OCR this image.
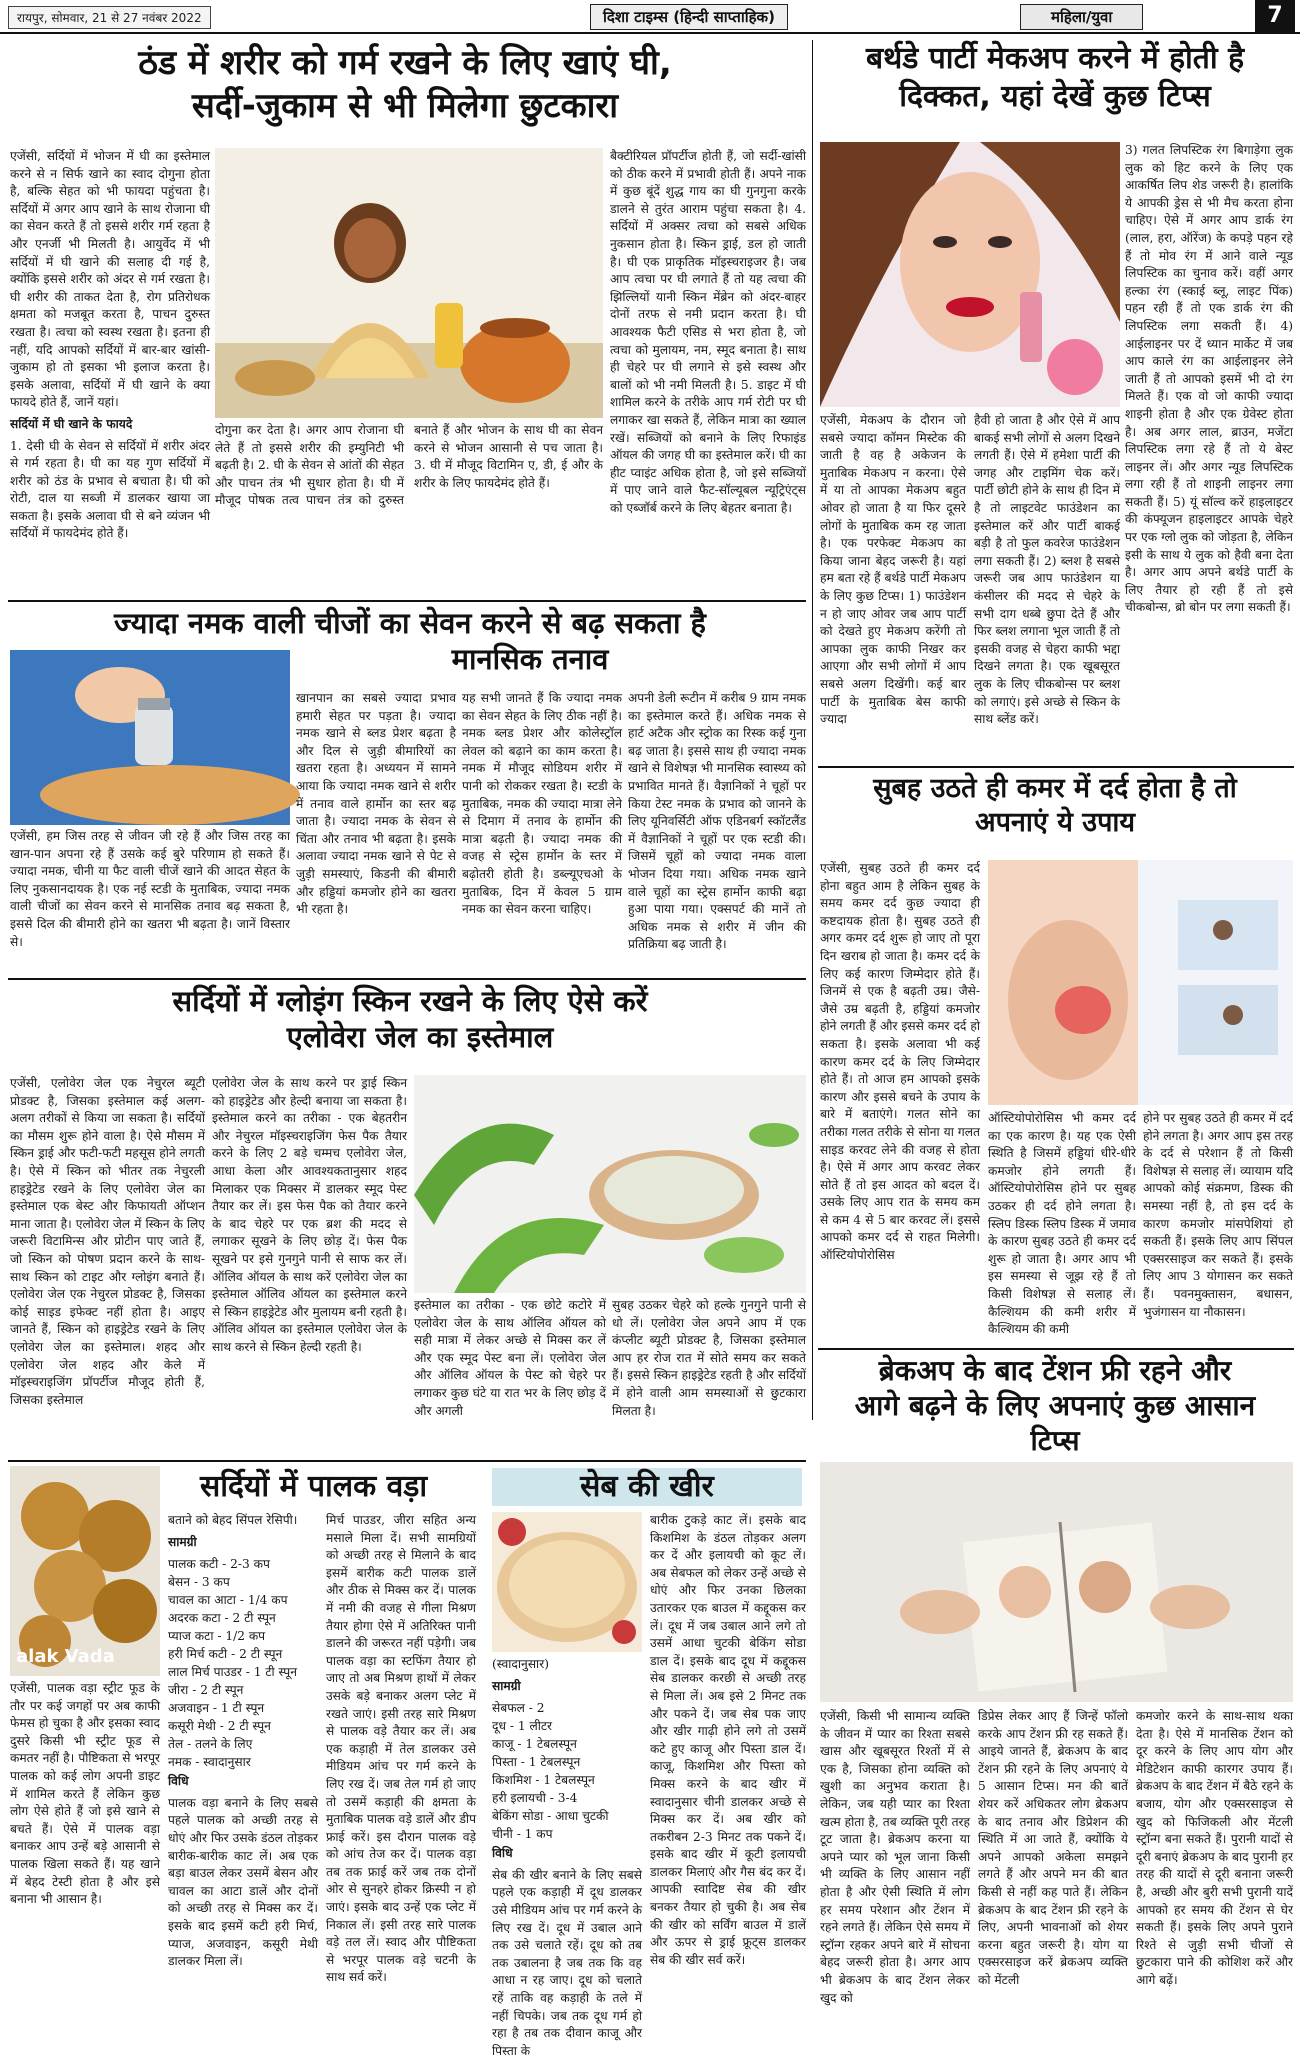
रायपुर, सोमवार, 21 से 27 नवंबर 2022	दिशा टाइम्स (हिन्दी साप्ताहिक)	महिला/युवा	7
ठंड में शरीर को गर्म रखने के लिए खाएं घी,
सर्दी-जुकाम से भी मिलेगा छुटकारा

एजेंसी, सर्दियों में भोजन में घी का इस्तेमाल करने से न सिर्फ खाने का स्वाद दोगुना होता है, बल्कि सेहत को भी फायदा पहुंचता है। सर्दियों में अगर आप खाने के साथ रोजाना घी का सेवन करते हैं तो इससे शरीर गर्म रहता है और एनर्जी भी मिलती है। आयुर्वेद में भी सर्दियों में घी खाने की सलाह दी गई है, क्योंकि इससे शरीर को अंदर से गर्म रखता है। घी शरीर की ताकत देता है, रोग प्रतिरोधक क्षमता को मजबूत करता है, पाचन दुरुस्त रखता है। त्वचा को स्वस्थ रखता है। इतना ही नहीं, यदि आपको सर्दियों में बार-बार खांसी-जुकाम हो तो इसका भी इलाज करता है। इसके अलावा, सर्दियों में घी खाने के क्या फायदे होते हैं, जानें यहां।

सर्दियों में घी खाने के फायदे

1. देसी घी के सेवन से सर्दियों में शरीर अंदर से गर्म रहता है। घी का यह गुण सर्दियों में शरीर को ठंड के प्रभाव से बचाता है। घी को रोटी, दाल या सब्जी में डालकर खाया जा सकता है। इसके अलावा घी से बने व्यंजन भी सर्दियों में फायदेमंद होते हैं।

दोगुना कर देता है। अगर आप रोजाना घी लेते हैं तो इससे शरीर की इम्युनिटी भी बढ़ती है। 2. घी के सेवन से आंतों की सेहत और पाचन तंत्र भी सुधार होता है। घी में मौजूद पोषक तत्व पाचन तंत्र को दुरुस्त बनाते हैं और भोजन के साथ घी का सेवन करने से भोजन आसानी से पच जाता है। 3. घी में मौजूद विटामिन ए, डी, ई और के शरीर के लिए फायदेमंद होते हैं।

बैक्टीरियल प्रॉपर्टीज होती हैं, जो सर्दी-खांसी को ठीक करने में प्रभावी होती हैं। अपने नाक में कुछ बूंदें शुद्ध गाय का घी गुनगुना करके डालने से तुरंत आराम पहुंचा सकता है। 4. सर्दियों में अक्सर त्वचा को सबसे अधिक नुकसान होता है। स्किन ड्राई, डल हो जाती है। घी एक प्राकृतिक मॉइस्चराइजर है। जब आप त्वचा पर घी लगाते हैं तो यह त्वचा की झिल्लियों यानी स्किन मेंब्रेन को अंदर-बाहर दोनों तरफ से नमी प्रदान करता है। घी आवश्यक फैटी एसिड से भरा होता है, जो त्वचा को मुलायम, नम, स्मूद बनाता है। साथ ही चेहरे पर घी लगाने से इसे स्वस्थ और बालों को भी नमी मिलती है। 5. डाइट में घी शामिल करने के तरीके आप गर्म रोटी पर घी लगाकर खा सकते हैं, लेकिन मात्रा का ख्याल रखें। सब्जियों को बनाने के लिए रिफाइंड ऑयल की जगह घी का इस्तेमाल करें। घी का हीट प्वाइंट अधिक होता है, जो इसे सब्जियों में पाए जाने वाले फैट-सॉल्यूबल न्यूट्रिएंट्स को एब्जॉर्ब करने के लिए बेहतर बनाता है।

ज्यादा नमक वाली चीजों का सेवन करने से बढ़ सकता है
मानसिक तनाव

एजेंसी, हम जिस तरह से जीवन जी रहे हैं और जिस तरह का खान-पान अपना रहे हैं उसके कई बुरे परिणाम हो सकते हैं। ज्यादा नमक, चीनी या फैट वाली चीजें खाने की आदत सेहत के लिए नुकसानदायक है। एक नई स्टडी के मुताबिक, ज्यादा नमक वाली चीजों का सेवन करने से मानसिक तनाव बढ़ सकता है, इससे दिल की बीमारी होने का खतरा भी बढ़ता है। जानें विस्तार से।

खानपान का सबसे ज्यादा प्रभाव हमारी सेहत पर पड़ता है। ज्यादा नमक खाने से ब्लड प्रेशर बढ़ता है और दिल से जुड़ी बीमारियों का खतरा रहता है। अध्ययन में सामने आया कि ज्यादा नमक खाने से शरीर में तनाव वाले हार्मोन का स्तर बढ़ जाता है। ज्यादा नमक के सेवन से चिंता और तनाव भी बढ़ता है। इसके अलावा ज्यादा नमक खाने से पेट से जुड़ी समस्याएं, किडनी की बीमारी और हड्डियां कमजोर होने का खतरा भी रहता है।

यह सभी जानते हैं कि ज्यादा नमक का सेवन सेहत के लिए ठीक नहीं है। नमक ब्लड प्रेशर और कोलेस्ट्रॉल लेवल को बढ़ाने का काम करता है। नमक में मौजूद सोडियम शरीर में पानी को रोककर रखता है। स्टडी के मुताबिक, नमक की ज्यादा मात्रा लेने से दिमाग में तनाव के हार्मोन की मात्रा बढ़ती है। ज्यादा नमक की वजह से स्ट्रेस हार्मोन के स्तर में बढ़ोतरी होती है। डब्ल्यूएचओ के मुताबिक, दिन में केवल 5 ग्राम नमक का सेवन करना चाहिए।

अपनी डेली रूटीन में करीब 9 ग्राम नमक का इस्तेमाल करते हैं। अधिक नमक से हार्ट अटैक और स्ट्रोक का रिस्क कई गुना बढ़ जाता है। इससे साथ ही ज्यादा नमक खाने से विशेषज्ञ भी मानसिक स्वास्थ्य को प्रभावित मानते हैं। वैज्ञानिकों ने चूहों पर किया टेस्ट नमक के प्रभाव को जानने के लिए यूनिवर्सिटी ऑफ एडिनबर्ग स्कॉटलैंड में वैज्ञानिकों ने चूहों पर एक स्टडी की। जिसमें चूहों को ज्यादा नमक वाला भोजन दिया गया। अधिक नमक खाने वाले चूहों का स्ट्रेस हार्मोन काफी बढ़ा हुआ पाया गया। एक्सपर्ट की मानें तो अधिक नमक से शरीर में जीन की प्रतिक्रिया बढ़ जाती है।

सर्दियों में ग्लोइंग स्किन रखने के लिए ऐसे करें
एलोवेरा जेल का इस्तेमाल

एजेंसी, एलोवेरा जेल एक नेचुरल ब्यूटी प्रोडक्ट है, जिसका इस्तेमाल कई अलग-अलग तरीकों से किया जा सकता है। सर्दियों का मौसम शुरू होने वाला है। ऐसे मौसम में स्किन ड्राई और फटी-फटी महसूस होने लगती है। ऐसे में स्किन को भीतर तक नेचुरली हाइड्रेटेड रखने के लिए एलोवेरा जेल का इस्तेमाल एक बेस्ट और किफायती ऑप्शन माना जाता है। एलोवेरा जेल में स्किन के लिए जरूरी विटामिन्स और प्रोटीन पाए जाते हैं, जो स्किन को पोषण प्रदान करने के साथ-साथ स्किन को टाइट और ग्लोइंग बनाते हैं। एलोवेरा जेल एक नेचुरल प्रोडक्ट है, जिसका कोई साइड इफेक्ट नहीं होता है। आइए जानते हैं, स्किन को हाइड्रेटेड रखने के लिए एलोवेरा जेल का इस्तेमाल। शहद और एलोवेरा जेल शहद और केले में मॉइस्चराइजिंग प्रॉपर्टीज मौजूद होती हैं, जिसका इस्तेमाल

एलोवेरा जेल के साथ करने पर ड्राई स्किन को हाइड्रेटेड और हेल्दी बनाया जा सकता है। इस्तेमाल करने का तरीका - एक बेहतरीन और नेचुरल मॉइस्चराइजिंग फेस पैक तैयार करने के लिए 2 बड़े चम्मच एलोवेरा जेल, आधा केला और आवश्यकतानुसार शहद मिलाकर एक मिक्सर में डालकर स्मूद पेस्ट तैयार कर लें। इस फेस पैक को तैयार करने के बाद चेहरे पर एक ब्रश की मदद से लगाकर सूखने के लिए छोड़ दें। फेस पैक सूखने पर इसे गुनगुने पानी से साफ कर लें। ऑलिव ऑयल के साथ करें एलोवेरा जेल का इस्तेमाल ऑलिव ऑयल का इस्तेमाल करने से स्किन हाइड्रेटेड और मुलायम बनी रहती है। ऑलिव ऑयल का इस्तेमाल एलोवेरा जेल के साथ करने से स्किन हेल्दी रहती है।

इस्तेमाल का तरीका - एक छोटे कटोरे में एलोवेरा जेल के साथ ऑलिव ऑयल को सही मात्रा में लेकर अच्छे से मिक्स कर लें और एक स्मूद पेस्ट बना लें। एलोवेरा जेल और ऑलिव ऑयल के पेस्ट को चेहरे पर लगाकर कुछ घंटे या रात भर के लिए छोड़ दें और अगली

सुबह उठकर चेहरे को हल्के गुनगुने पानी से धो लें। एलोवेरा जेल अपने आप में एक कंप्लीट ब्यूटी प्रोडक्ट है, जिसका इस्तेमाल आप हर रोज रात में सोते समय कर सकते हैं। इससे स्किन हाइड्रेटेड रहती है और सर्दियों में होने वाली आम समस्याओं से छुटकारा मिलता है।

alak Vada

एजेंसी, पालक वड़ा स्ट्रीट फूड के तौर पर कई जगहों पर अब काफी फेमस हो चुका है और इसका स्वाद दुसरे किसी भी स्ट्रीट फूड से कमतर नहीं है। पौष्टिकता से भरपूर पालक को कई लोग अपनी डाइट में शामिल करते हैं लेकिन कुछ लोग ऐसे होते हैं जो इसे खाने से बचते हैं। ऐसे में पालक वड़ा बनाकर आप उन्हें बड़े आसानी से पालक खिला सकते हैं। यह खाने में बेहद टेस्टी होता है और इसे बनाना भी आसान है।

सर्दियों में पालक वड़ा

बताने को बेहद सिंपल रेसिपी।

सामग्री

पालक कटी - 2-3 कप
बेसन - 3 कप
चावल का आटा - 1/4 कप
अदरक कटा - 2 टी स्पून
प्याज कटा - 1/2 कप
हरी मिर्च कटी - 2 टी स्पून
लाल मिर्च पाउडर - 1 टी स्पून
जीरा - 2 टी स्पून
अजवाइन - 1 टी स्पून
कसूरी मेथी - 2 टी स्पून
तेल - तलने के लिए
नमक - स्वादानुसार

विधि

पालक वड़ा बनाने के लिए सबसे पहले पालक को अच्छी तरह से धोएं और फिर उसके डंठल तोड़कर बारीक-बारीक काट लें। अब एक बड़ा बाउल लेकर उसमें बेसन और चावल का आटा डालें और दोनों को अच्छी तरह से मिक्स कर दें। इसके बाद इसमें कटी हरी मिर्च, प्याज, अजवाइन, कसूरी मेथी डालकर मिला लें।

मिर्च पाउडर, जीरा सहित अन्य मसाले मिला दें। सभी सामग्रियों को अच्छी तरह से मिलाने के बाद इसमें बारीक कटी पालक डालें और ठीक से मिक्स कर दें। पालक में नमी की वजह से गीला मिश्रण तैयार होगा ऐसे में अतिरिक्त पानी डालने की जरूरत नहीं पड़ेगी। जब पालक वड़ा का स्टफिंग तैयार हो जाए तो अब मिश्रण हाथों में लेकर उसके बड़े बनाकर अलग प्लेट में रखते जाएं। इसी तरह सारे मिश्रण से पालक वड़े तैयार कर लें। अब एक कड़ाही में तेल डालकर उसे मीडियम आंच पर गर्म करने के लिए रख दें। जब तेल गर्म हो जाए तो उसमें कड़ाही की क्षमता के मुताबिक पालक वड़े डालें और डीप फ्राई करें। इस दौरान पालक वड़े को आंच तेज कर दें। पालक वड़ा तब तक फ्राई करें जब तक दोनों ओर से सुनहरे होकर क्रिस्पी न हो जाएं। इसके बाद उन्हें एक प्लेट में निकाल लें। इसी तरह सारे पालक वड़े तल लें। स्वाद और पौष्टिकता से भरपूर पालक वड़े चटनी के साथ सर्व करें।

सेब की खीर

(स्वादानुसार)

सामग्री

सेबफल - 2
दूध - 1 लीटर
काजू - 1 टेबलस्पून
पिस्ता - 1 टेबलस्पून
किशमिश - 1 टेबलस्पून
हरी इलायची - 3-4
बेकिंग सोडा - आधा चुटकी
चीनी - 1 कप

विधि

सेब की खीर बनाने के लिए सबसे पहले एक कड़ाही में दूध डालकर उसे मीडियम आंच पर गर्म करने के लिए रख दें। दूध में उबाल आने तक उसे चलाते रहें। दूध को तब तक उबालना है जब तक कि वह आधा न रह जाए। दूध को चलाते रहें ताकि वह कड़ाही के तले में नहीं चिपके। जब तक दूध गर्म हो रहा है तब तक दीवान काजू और पिस्ता के

बारीक टुकड़े काट लें। इसके बाद किशमिश के डंठल तोड़कर अलग कर दें और इलायची को कूट लें। अब सेबफल को लेकर उन्हें अच्छे से धोएं और फिर उनका छिलका उतारकर एक बाउल में कद्दूकस कर लें। दूध में जब उबाल आने लगे तो उसमें आधा चुटकी बेकिंग सोडा डाल दें। इसके बाद दूध में कद्दूकस सेब डालकर करछी से अच्छी तरह से मिला लें। अब इसे 2 मिनट तक और पकने दें। जब सेब पक जाए और खीर गाढ़ी होने लगे तो उसमें कटे हुए काजू और पिस्ता डाल दें। काजू, किशमिश और पिस्ता को मिक्स करने के बाद खीर में स्वादानुसार चीनी डालकर अच्छे से मिक्स कर दें। अब खीर को तकरीबन 2-3 मिनट तक पकने दें। इसके बाद खीर में कूटी इलायची डालकर मिलाएं और गैस बंद कर दें। आपकी स्वादिष्ट सेब की खीर बनकर तैयार हो चुकी है। अब सेब की खीर को सर्विंग बाउल में डालें और ऊपर से ड्राई फ्रूट्स डालकर सेब की खीर सर्व करें।

बर्थडे पार्टी मेकअप करने में होती है
दिक्कत, यहां देखें कुछ टिप्स

3) गलत लिपस्टिक रंग बिगाड़ेगा लुक लुक को हिट करने के लिए एक आकर्षित लिप शेड जरूरी है। हालांकि ये आपकी ड्रेस से भी मैच करता होना चाहिए। ऐसे में अगर आप डार्क रंग (लाल, हरा, ऑरेंज) के कपड़े पहन रहे हैं तो मोव रंग में आने वाले न्यूड लिपस्टिक का चुनाव करें। वहीं अगर हल्का रंग (स्काई ब्लू, लाइट पिंक) पहन रही हैं तो एक डार्क रंग की लिपस्टिक लगा सकती हैं। 4) आईलाइनर पर दें ध्यान मार्केट में जब आप काले रंग का आईलाइनर लेने जाती हैं तो आपको इसमें भी दो रंग मिलते हैं। एक वो जो काफी ज्यादा शाइनी होता है और एक ग्रेवेस्ट होता है। अब अगर लाल, ब्राउन, मजेंटा लिपस्टिक लगा रहे हैं तो ये बेस्ट लाइनर लें। और अगर न्यूड लिपस्टिक लगा रही हैं तो शाइनी लाइनर लगा सकती हैं। 5) यूं सॉल्व करें हाइलाइटर की कंफ्यूजन हाइलाइटर आपके चेहरे पर एक ग्लो लुक को जोड़ता है, लेकिन इसी के साथ ये लुक को हैवी बना देता है। अगर आप अपने बर्थडे पार्टी के लिए तैयार हो रही हैं तो इसे चीकबोन्स, ब्रो बोन पर लगा सकती हैं।

एजेंसी, मेकअप के दौरान जो सबसे ज्यादा कॉमन मिस्टेक की जाती है वह है अकेजन के मुताबिक मेकअप न करना। ऐसे में या तो आपका मेकअप बहुत ओवर हो जाता है या फिर दूसरे लोगों के मुताबिक कम रह जाता है। एक परफेक्ट मेकअप का किया जाना बेहद जरूरी है। यहां हम बता रहे हैं बर्थडे पार्टी मेकअप के लिए कुछ टिप्स। 1) फाउंडेशन न हो जाए ओवर जब आप पार्टी को देखते हुए मेकअप करेंगी तो आपका लुक काफी निखर कर आएगा और सभी लोगों में आप सबसे अलग दिखेंगी। कई बार पार्टी के मुताबिक बेस काफी ज्यादा

हैवी हो जाता है और ऐसे में आप बाकई सभी लोगों से अलग दिखने लगती हैं। ऐसे में हमेशा पार्टी की जगह और टाइमिंग चेक करें। पार्टी छोटी होने के साथ ही दिन में है तो लाइटवेट फाउंडेशन का इस्तेमाल करें और पार्टी बाकई बड़ी है तो फुल कवरेज फाउंडेशन लगा सकती हैं। 2) ब्लश है सबसे जरूरी जब आप फाउंडेशन या कंसीलर की मदद से चेहरे के सभी दाग धब्बे छुपा देते हैं और फिर ब्लश लगाना भूल जाती हैं तो इसकी वजह से चेहरा काफी भद्दा दिखने लगता है। एक खूबसूरत लुक के लिए चीकबोन्स पर ब्लश को लगाएं। इसे अच्छे से स्किन के साथ ब्लेंड करें।

सुबह उठते ही कमर में दर्द होता है तो
अपनाएं ये उपाय

एजेंसी, सुबह उठते ही कमर दर्द होना बहुत आम है लेकिन सुबह के समय कमर दर्द कुछ ज्यादा ही कष्टदायक होता है। सुबह उठते ही अगर कमर दर्द शुरू हो जाए तो पूरा दिन खराब हो जाता है। कमर दर्द के लिए कई कारण जिम्मेदार होते हैं। जिनमें से एक है बढ़ती उम्र। जैसे-जैसे उम्र बढ़ती है, हड्डियां कमजोर होने लगती हैं और इससे कमर दर्द हो सकता है। इसके अलावा भी कई कारण कमर दर्द के लिए जिम्मेदार होते हैं। तो आज हम आपको इसके कारण और इससे बचने के उपाय के बारे में बताएंगे। गलत सोने का तरीका गलत तरीके से सोना या गलत साइड करवट लेने की वजह से होता है। ऐसे में अगर आप करवट लेकर सोते हैं तो इस आदत को बदल दें। उसके लिए आप रात के समय कम से कम 4 से 5 बार करवट लें। इससे आपको कमर दर्द से राहत मिलेगी। ऑस्टियोपोरोसिस

ऑस्टियोपोरोसिस भी कमर दर्द का एक कारण है। यह एक ऐसी स्थिति है जिसमें हड्डियां धीरे-धीरे कमजोर होने लगती हैं। ऑस्टियोपोरोसिस होने पर सुबह उठकर ही दर्द होने लगता है। स्लिप डिस्क स्लिप डिस्क में जमाव के कारण सुबह उठते ही कमर दर्द शुरू हो जाता है। अगर आप भी इस समस्या से जूझ रहे हैं तो किसी विशेषज्ञ से सलाह लें। कैल्शियम की कमी शरीर में कैल्शियम की कमी

होने पर सुबह उठते ही कमर में दर्द होने लगता है। अगर आप इस तरह के दर्द से परेशान हैं तो किसी विशेषज्ञ से सलाह लें। व्यायाम यदि आपको कोई संक्रमण, डिस्क की समस्या नहीं है, तो इस दर्द के कारण कमजोर मांसपेशियां हो सकती हैं। इसके लिए आप सिंपल एक्सरसाइज कर सकते हैं। इसके लिए आप 3 योगासन कर सकते हैं। पवनमुक्तासन, बधासन, भुजंगासन या नौकासन।

ब्रेकअप के बाद टेंशन फ्री रहने और
आगे बढ़ने के लिए अपनाएं कुछ आसान
टिप्स

एजेंसी, किसी भी सामान्य व्यक्ति के जीवन में प्यार का रिश्ता सबसे खास और खूबसूरत रिश्तों में से एक है, जिसका होना व्यक्ति को खुशी का अनुभव कराता है। लेकिन, जब यही प्यार का रिश्ता खत्म होता है, तब व्यक्ति पूरी तरह टूट जाता है। ब्रेकअप करना या अपने प्यार को भूल जाना किसी भी व्यक्ति के लिए आसान नहीं होता है और ऐसी स्थिति में लोग हर समय परेशान और टेंशन में रहने लगते हैं। लेकिन ऐसे समय में स्ट्रॉन्ग रहकर अपने बारे में सोचना बेहद जरूरी होता है। अगर आप भी ब्रेकअप के बाद टेंशन लेकर खुद को

डिप्रेस लेकर आए हैं जिन्हें फॉलो करके आप टेंशन फ्री रह सकते हैं। आइये जानते हैं, ब्रेकअप के बाद टेंशन फ्री रहने के लिए अपनाएं ये 5 आसान टिप्स। मन की बातें शेयर करें अधिकतर लोग ब्रेकअप के बाद तनाव और डिप्रेशन की स्थिति में आ जाते हैं, क्योंकि ये अपने आपको अकेला समझने लगते हैं और अपने मन की बात किसी से नहीं कह पाते हैं। लेकिन ब्रेकअप के बाद टेंशन फ्री रहने के लिए, अपनी भावनाओं को शेयर करना बहुत जरूरी है। योग या एक्सरसाइज करें ब्रेकअप व्यक्ति को मेंटली

कमजोर करने के साथ-साथ थका देता है। ऐसे में मानसिक टेंशन को दूर करने के लिए आप योग और मेडिटेशन काफी कारगर उपाय हैं। ब्रेकअप के बाद टेंशन में बैठे रहने के बजाय, योग और एक्सरसाइज से खुद को फिजिकली और मेंटली स्ट्रॉन्ग बना सकते हैं। पुरानी यादों से दूरी बनाएं ब्रेकअप के बाद पुरानी हर तरह की यादों से दूरी बनाना जरूरी है, अच्छी और बुरी सभी पुरानी यादें आपको हर समय की टेंशन से घेर सकती हैं। इसके लिए अपने पुराने रिश्ते से जुड़ी सभी चीजों से छुटकारा पाने की कोशिश करें और आगे बढ़ें।
